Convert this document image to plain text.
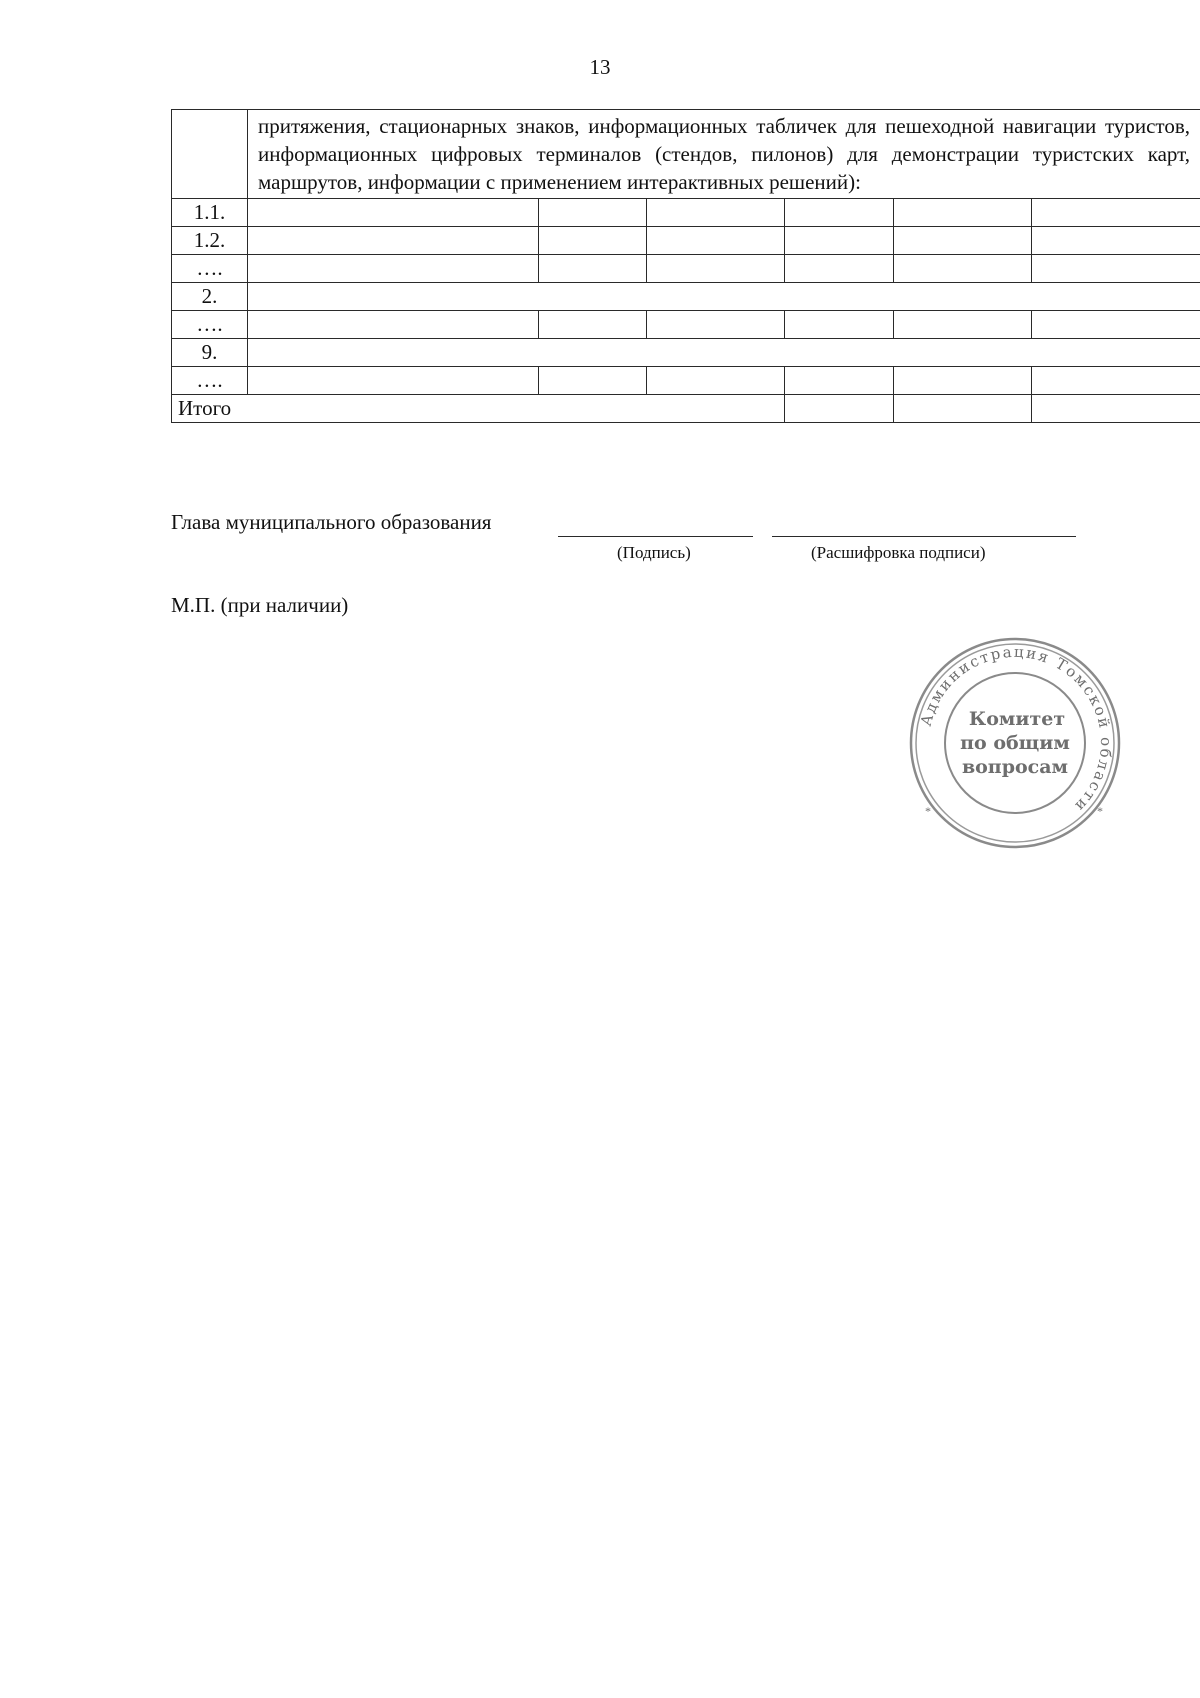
13
	притяжения, стационарных знаков, информационных табличек для пешеходной навигации туристов, информационных цифровых терминалов (стендов, пилонов) для демонстрации туристских карт, маршрутов, информации с применением интерактивных решений):					
1.1.						
1.2.						
….						
2.						
….						
9.						
….						
Итого						
Глава муниципального образования
(Подпись)	(Расшифровка подписи)
М.П. (при наличии)
Администрация Томской области
*	*
Комитет
по общим
вопросам
